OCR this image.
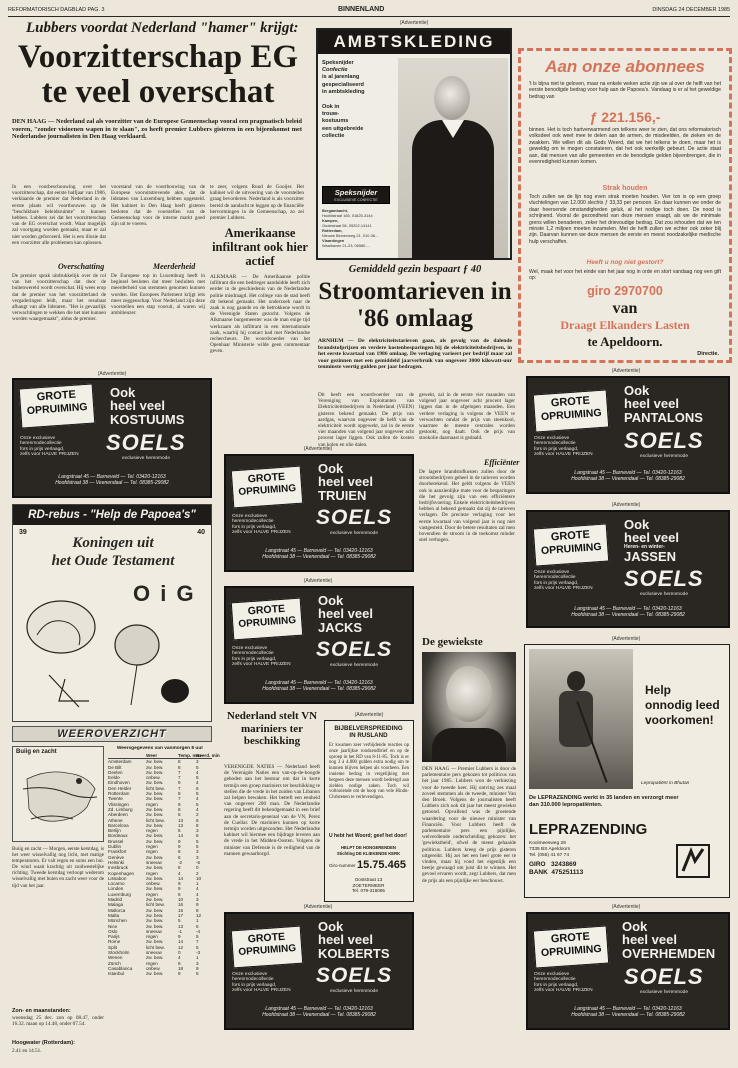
REFORMATORISCH DAGBLAD PAG. 3	BINNENLAND	DINSDAG 24 DECEMBER 1985
Lubbers voordat Nederland "hamer" krijgt:
Voorzitterschap EG te veel overschat
DEN HAAG — Nederland zal als voorzitter van de Europese Gemeenschap vooral een pragmatisch beleid voeren, "zonder visioenen wapen in te slaan", zo heeft premier Lubbers gisteren in een bijeenkomst met Nederlandse journalisten in Den Haag verklaard.
In een voorbeschouwing over het voorzitterschap, dat eerste halfjaar van 1986, verklaarde de premier dat Nederland in de eerste plaats wil voortbouwen op de "beschikbare beleidsruimte" te kunnen hebben. Lubbers zei dat het voorzitterschap van de EG overschat wordt. Waar mogelijk zal voortgang worden gemaakt, maar er zal niet worden geforceerd. Het is een illusie dat een voorzitter alle problemen kan oplossen.
Overschatting
De premier sprak uitdrukkelijk over de rol van het voorzitterschap dat door de buitenwereld wordt overschat. Hij wees erop dat de premier van het voorzitterland de vergaderingen leidt, maar het resultaat afhangt van alle lidstaten. "Het is gevaarlijk verwachtingen te wekken die het niet kunnen worden waargemaakt", aldus de premier.
voorstand van de voortbouwing van de Europese vooruitstrevende akte, dat de lidstaten van Luxemburg hebben opgesteld. Het kabinet in Den Haag heeft gisteren besloten dat de voorstellen van de Gemeenschap voor de interne markt goed zijn uit te voeren.
Meerderheid
De Europese top in Luxemburg heeft in beginsel besloten dat meer besluiten met meerderheid van stemmen genomen kunnen worden. Het Europees Parlement krijgt iets meer zeggenschap. Voor Nederland zijn deze voorstellen een stap vooruit, al waren wij ambitieuzer.
te zeer, volgens Ruud de Gooijer. Het kabinet wil de uitvoering van de voorstellen graag bevorderen. Nederland is als voorzitter bereid de aandacht te leggen op de financiële hervormingen in de Gemeenschap, zo zei premier Lubbers.
Amerikaanse infiltrant ook hier actief
ALKMAAR — De Amerikaanse politie infiltrant die een bedrieger aanduidde heeft zich eerder in de geschiedenis van de Nederlandse politie misdraagd. Het college van de stad heeft dit bekend gemaakt. Het onderzoek naar de zaak is nog gaande en de betrokkene wordt in de Verenigde Staten gezocht. Volgens de Alkmaarse burgemeester was de man enige tijd werkzaam als infiltrant in een internationale zaak, waarbij hij contact had met Nederlandse rechercheurs. De woordvoerder van het Openbaar Ministerie wilde geen commentaar geven.
(Advertentie)
AMBTSKLEDING
Speksnijder
Confectie
is al jarenlang
gespecialiseerd
in ambtskleding
Ook in
trouw-
kostuums
een uitgebreide
collectie
Speksnijder
EXCLUSIEVE CONFECTIE
Bergambacht,
Hoofdstraat 165, 01825-3144
Kampen,
Oudestraat 56, 05202-14141
Rotterdam,
Nieuwe Binnenweg 21, 010-36...
Vlaardingen
Waalhaven 21-23, 06580-...
Aan onze abonnees
't Is bijna niet te geloven, maar na enkele weken actie zijn we al over de helft van het eerste benodigde bedrag voor hulp aan de Papoea's. Vandaag is er al het geweldige bedrag van
ƒ 221.156,-
binnen. Het is toch hartverwarmend om telkens weer te zien, dat ons reformatorisch volksdeel ook weet mee te delen aan de armen, de misdeelden, de zieken en de zwakken. We willen dit als Gods Weerd, dat we het telkens te doen, maar het is geweldig om te mogen constateren, dat het ook werkelijk gebeurt. De actie staat aan, dat mensen van alle gemeenten en de benodigde gelden bijeenbrengen, die in evenredigheid kunnen komen.
Strak houden
Toch zullen we de lijn nog even strak moeten houden. Vier ton is op een groep vluchtelingen van 12.000 slechts ƒ 33,33 per persoon. En daar kunnen we onder de daar heersende omstandigheden geluk, al het nodige toch doen. De nood is schrijnend. Vooral de gezondheid van deze mensen vraagt, als we de minimale grens willen benaderen, zeker het drievoudige bedrag. Dat zou inhouden dat we ten minste 1,2 miljoen moeten inzamelen. Met de helft zullen we echter ook zeker blij zijn. Daarvan kunnen we deze mensen de eerste en meest noodzakelijke medische hulp verschaffen.
Heeft u nog niet gestort?
Wel, maak het voor het einde van het jaar nog in orde en stort vandaag nog een gift op:
giro 2970700
van
Draagt Elkanders Lasten
te Apeldoorn.
Directie.
Gemiddeld gezin bespaart ƒ 40
Stroomtarieven in '86 omlaag
ARNHEM — De elektriciteitstarieven gaan, als gevolg van de dalende brandstofprijzen en verdere kostenbesparingen bij de elektriciteitsbedrijven, in het eerste kwartaal van 1986 omlaag. De verlaging varieert per bedrijf maar zal voor gezinnen met een gemiddeld jaarverbruik van ongeveer 3000 kilowatt-uur tenminste veertig gulden per jaar bedragen.
gewekt, zal in de eerste vier maanden van volgend jaar ongeveer acht procent lager liggen dan in de afgelopen maanden. Een verdere verlaging is volgens de VEEN te verwachten omdat de prijs van steenkool, waarmee de meeste centrales worden gestookt, nog daalt. Ook de prijs van stookolie daarnaast is gedaald.
Efficiënter
De lagere brandstofkosten zullen door de stroombedrijven geheel in de tarieven worden doorberekend. Het geldt volgens de VEEN ook in aanzienlijke mate voor de besparingen die het gevolg zijn van een efficiëntere bedrijfsvoering. Enkele elektriciteitsbedrijven hebben al bekend gemaakt dat zij de tarieven verlagen. De precieze verlaging voor het eerste kwartaal van volgend jaar is nog niet vastgesteld. Door de betere resultaten zal men bovendien de stroom in de toekomst minder snel verhogen.
Dit heeft een woordvoerder van de Vereniging van Exploitanten van Elektriciteitsbedrijven in Nederland (VEEN) gisteren bekend gemaakt. De prijs van aardgas, waarvan ongeveer de helft van de elektriciteit wordt opgewekt, zal in de eerste vier maanden van volgend jaar ongeveer acht procent lager liggen. Ook zullen de kosten van kolen en olie dalen.
(Advertentie)
GROTE
OPRUIMING
Ook
heel veel
KOSTUUMS
Onze exclusieve
herenmodecollectie
fors in prijs verlaagd,
zelfs voor HALVE PRIJZEN SOELS
exclusieve herenmode
Langstraat 45 — Barneveld — Tel. 03420-12163
Hoofdstraat 38 — Veenendaal — Tel. 08385-29082
(Advertentie)
GROTE
OPRUIMING
Ook
heel veel
TRUIEN
Onze exclusieve
herenmodecollectie
fors in prijs verlaagd,
zelfs voor HALVE PRIJZEN
SOELS
exclusieve herenmode
Langstraat 45 — Barneveld — Tel. 03420-12163
Hoofdstraat 38 — Veenendaal — Tel. 08385-29082
(Advertentie)
GROTE
OPRUIMING
Ook
heel veel
JACKS
Onze exclusieve
herenmodecollectie
fors in prijs verlaagd,
zelfs voor HALVE PRIJZEN
SOELS
exclusieve herenmode
Langstraat 45 — Barneveld — Tel. 03420-12163
Hoofdstraat 38 — Veenendaal — Tel. 08385-29082
(Advertentie)
GROTE
OPRUIMING
Ook
heel veel
PANTALONS
Onze exclusieve
herenmodecollectie
fors in prijs verlaagd,
zelfs voor HALVE PRIJZEN
SOELS
exclusieve herenmode
Langstraat 45 — Barneveld — Tel. 03420-12163
Hoofdstraat 38 — Veenendaal — Tel. 08385-29082
(Advertentie)
GROTE
OPRUIMING
Ook
heel veel
Heren- en winter-
JASSEN
Onze exclusieve
herenmodecollectie
fors in prijs verlaagd,
zelfs voor HALVE PRIJZEN SOELS
exclusieve herenmode
Langstraat 45 — Barneveld — Tel. 03420-12163
Hoofdstraat 38 — Veenendaal — Tel. 08385-29082
(Advertentie)
GROTE
OPRUIMING
Ook
heel veel
KOLBERTS
Onze exclusieve
herenmodecollectie
fors in prijs verlaagd,
zelfs voor HALVE PRIJZEN
SOELS
exclusieve herenmode
Langstraat 45 — Barneveld — Tel. 03420-12163
Hoofdstraat 38 — Veenendaal — Tel. 08385-29082
(Advertentie)
GROTE
OPRUIMING
Ook
heel veel
OVERHEMDEN
Onze exclusieve
herenmodecollectie
fors in prijs verlaagd,
zelfs voor HALVE PRIJZEN
SOELS
exclusieve herenmode
Langstraat 45 — Barneveld — Tel. 03420-12163
Hoofdstraat 38 — Veenendaal — Tel. 08385-29082
RD-rebus - "Help de Papoea's"
39	40
Koningen uit
het Oude Testament
O i G
WEEROVERZICHT
Buiig en zacht
Buiig en zacht — Morgen, eerste kerstdag, is het weer wisselvallig nog licht, met matige temperaturen. Er valt regen en soms een bui. De wind waait krachtig uit zuidwestelijke richting. Tweede kerstdag verloopt wederom wisselvallig met buien en zacht weer voor de tijd van het jaar.
Zon- en maanstanden:
woensdag 25 dec. zon op 08.47, onder 16.32. maan op 14.48, onder 07.54.
Hoogwater (Rotterdam):
2.41 en 14.51.
Weersgegevens van vanmorgen 8 uur
Weer	Temp. max
Neerd. min
Amsterdam	zw. bew.	8	3
De Bilt	zw. bew.	8	5
Deelen	zw. bew.	7	4
Eelde	onbew.	7	5
Eindhoven	zw. bew.	9	4
Den Helder	licht bew.	7	6
Rotterdam	zw. bew.	8	5
Twente	zw. bew.	7	4
Vlissingen	regen	9	5
Zd. Limburg	zw. bew.	8	4
Aberdeen	zw. bew.	6	2
Athene	licht bew.	13	6
Barcelona	zw. bew.	13	8
Berlijn	regen	5	3
Bordeaux	zw. bew.	14	6
Brussel	zw. bew.	9	5
Dublin	regen	9	5
Frankfort	regen	6	3
Genève	zw. bew.	6	3
Helsinki	sneeuw	-2	-5
Innsbruck	zw. bew.	8	0
Kopenhagen	regen	4	2
Lissabon	zw. bew.	14	10
Locarno	onbew.	9	1
Londen	zw. bew.	9	4
Luxemburg	regen	6	4
Madrid	zw. bew.	10	3
Malaga	licht bew.	16	9
Mallorca	zw. bew.	15	8
Malta	zw. bew.	17	12
München	zw. bew.	5	1
Nice	zw. bew.	13	6
Oslo	sneeuw	-1	-4
Parijs	regen	9	5
Rome	zw. bew.	14	7
Split	licht bew.	12	5
Stockholm	sneeuw	0	-3
Wenen	zw. bew.	4	1
Zürich	regen	6	3
Casablanca	onbew.	18	9
Istanbul	zw. bew.	9	5
Nederland stelt VN mariniers ter beschikking
VERENIGDE NATIES — Nederland heeft de Verenigde Naties een van-op-de-boogde geboden aan het bestuur om dat in korte termijn een groep mariniers ter beschikking te stellen die de vrede in het zuiden van Libanon zal helpen bewaken. Het betreft een eenheid van ongeveer 200 man. De Nederlandse regering heeft dit bekendgemaakt in een brief aan de secretaris-generaal van de VN, Perez de Cuellar. De mariniers kunnen op korte termijn worden uitgezonden. Het Nederlandse kabinet wil hiermee een bijdrage leveren aan de vrede in het Midden-Oosten. Volgens de minister van Defensie is de veiligheid van de mannen gewaarborgd.
(Advertentie)
BIJBELVERSPREIDING
IN RUSLAND
Er kwamen zeer verbijdende reacties op onze jaarlijkse rondzendbrief en op de oproep in het RD van 8-11-85. Toch is er nog 3 à 4.000 gulden extra nodig om te kunnen blijven helpen als voorheen. Een innieme bedrag in vergelijking met hetgeen deze mensen wordt bedreigd aan zielden nodige zaken. Toch wil voltooiende om de hoop van vele Hindu-Christenen te verlevendigen.
U hebt het Woord; geef het door!
HELPT DE HONGERENDEN
Stichting DE KLIEKENDE KERK
Giro-nummer 15.75.465
Ooststraat 13
ZOETERMEER
Tel. 079-316085
De gewiekste
DEN HAAG — Premier Lubbers is door de parlementaire pers gekozen tot politicus van het jaar 1985. Lubbers won de verkiezing voor de tweede keer. Hij ontving zes maal zoveel stemmen als de tweede, minister Van den Broek. Volgens de journalisten heeft Lubbers zich ook dit jaar het meest gewiekst getoond. Opvallend was de groeiende waardering voor de nieuwe minister van Financiën. Voor Lubbers heeft de parlementaire pers een pijnlijke, welverdiende onderscheiding gekozen: het 'gewiekstheid', ofwel de meest gehaaide politicus. Lubbers kreeg de prijs gisteren uitgereikt. Hij zei het een heel grote eer te vinden, maar hij vond het eigenlijk een beetje gewaagd om juist dit te winnen. Het gevoel ervaren wordt, zegt Lubbers, dat men de prijs als een pijnlijke eer beschouwt.
(Advertentie)
Help
onnodig leed
voorkomen!
Lepropatiënt in Bhutan
De LEPRAZENDING werkt in 35 landen en verzorgt meer
dan 310.000 lepropatiënten.
LEPRAZENDING
Koolmeesweg 29
7335 BS Apeldoorn
Tel. (055) 41 67 74
GIRO 3243869
BANK 475251113
